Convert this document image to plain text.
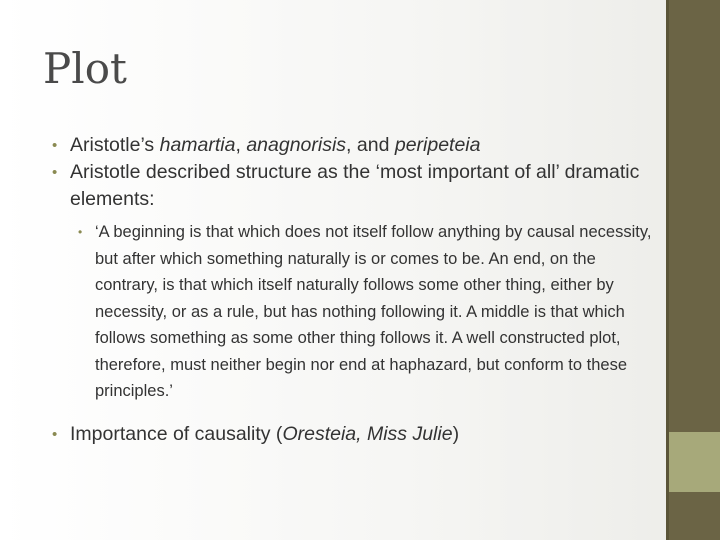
Plot
• Aristotle’s hamartia, anagnorisis, and peripeteia
• Aristotle described structure as the ‘most important of all’ dramatic elements:
• ‘A beginning is that which does not itself follow anything by causal necessity, but after which something naturally is or comes to be. An end, on the contrary, is that which itself naturally follows some other thing, either by necessity, or as a rule, but has nothing following it. A middle is that which follows something as some other thing follows it. A well constructed plot, therefore, must neither begin nor end at haphazard, but conform to these principles.’
• Importance of causality (Oresteia, Miss Julie)
